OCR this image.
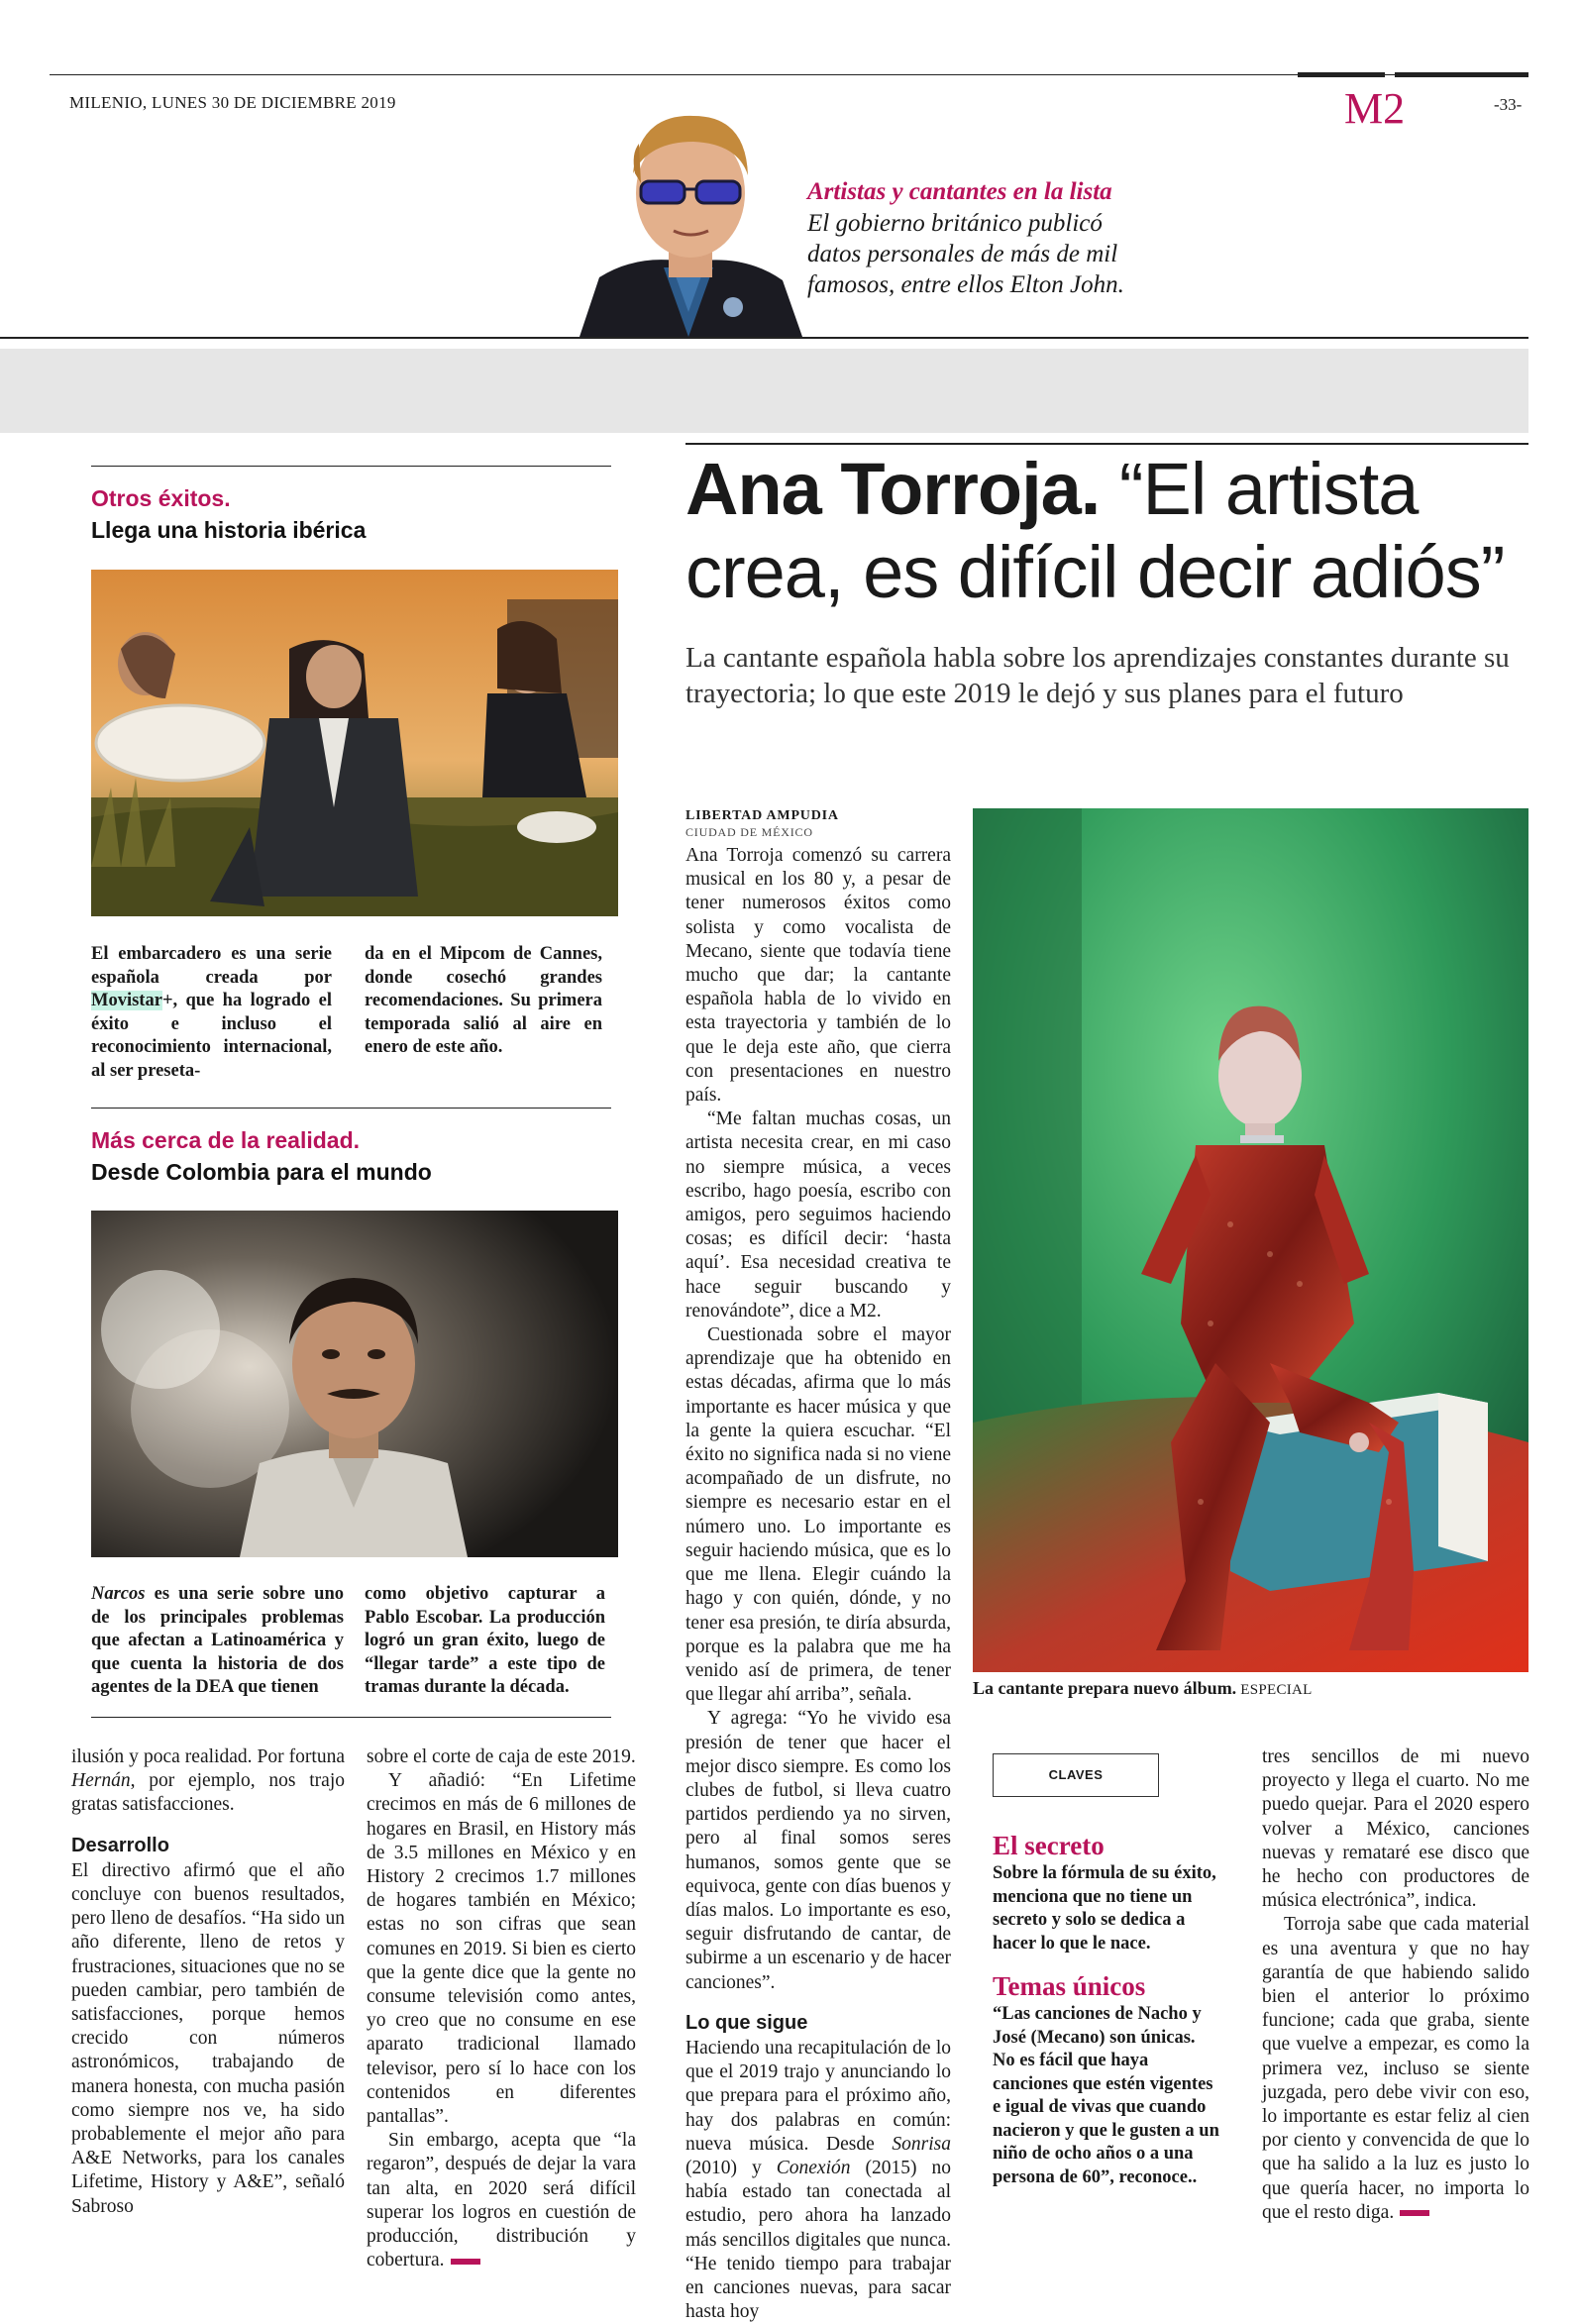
MILENIO, LUNES 30 DE DICIEMBRE 2019	M2	-33-
Artistas y cantantes en la lista
El gobierno británico publicó
datos personales de más de mil
famosos, entre ellos Elton John.
Otros éxitos.
Llega una historia ibérica
El embarcadero es una serie española creada por Movistar+, que ha logrado el éxito e incluso el reconocimiento internacional, al ser preseta-
da en el Mipcom de Cannes, donde cosechó grandes recomendaciones. Su primera temporada salió al aire en enero de este año.
Más cerca de la realidad.
Desde Colombia para el mundo
Narcos es una serie sobre uno de los principales problemas que afectan a Latinoamérica y que cuenta la historia de dos agentes de la DEA que tienen
como objetivo capturar a Pablo Escobar. La producción logró un gran éxito, luego de “llegar tarde” a este tipo de tramas durante la década.

ilusión y poca realidad. Por fortuna Hernán, por ejemplo, nos trajo gratas satisfacciones.

Desarrollo

El directivo afirmó que el año concluye con buenos resultados, pero lleno de desafíos. “Ha sido un año diferente, lleno de retos y frustraciones, situaciones que no se pueden cambiar, pero también de satisfacciones, porque hemos crecido con números astronómicos, trabajando de manera honesta, con mucha pasión como siempre nos ve, ha sido probablemente el mejor año para A&E Networks, para los canales Lifetime, History y A&E”, señaló Sabroso

sobre el corte de caja de este 2019.

Y añadió: “En Lifetime crecimos en más de 6 millones de hogares en Brasil, en History más de 3.5 millones en México y en History 2 crecimos 1.7 millones de hogares también en México; estas no son cifras que sean comunes en 2019. Si bien es cierto que la gente dice que la gente no consume televisión como antes, yo creo que no consume en ese aparato tradicional llamado televisor, pero sí lo hace con los contenidos en diferentes pantallas”.

Sin embargo, acepta que “la regaron”, después de dejar la vara tan alta, en 2020 será difícil superar los logros en cuestión de producción, distribución y cobertura.

Ana Torroja. “El artista
crea, es difícil decir adiós”
La cantante española habla sobre los aprendizajes constantes durante su trayectoria; lo que este 2019 le dejó y sus planes para el futuro
LIBERTAD AMPUDIA
CIUDAD DE MÉXICO

Ana Torroja comenzó su carrera musical en los 80 y, a pesar de tener numerosos éxitos como solista y como vocalista de Mecano, siente que todavía tiene mucho que dar; la cantante española habla de lo vivido en esta trayectoria y también de lo que le deja este año, que cierra con presentaciones en nuestro país.

“Me faltan muchas cosas, un artista necesita crear, en mi caso no siempre música, a veces escribo, hago poesía, escribo con amigos, pero seguimos haciendo cosas; es difícil decir: ‘hasta aquí’. Esa necesidad creativa te hace seguir buscando y renovándote”, dice a M2.

Cuestionada sobre el mayor aprendizaje que ha obtenido en estas décadas, afirma que lo más importante es hacer música y que la gente la quiera escuchar. “El éxito no significa nada si no viene acompañado de un disfrute, no siempre es necesario estar en el número uno. Lo importante es seguir haciendo música, que es lo que me llena. Elegir cuándo la hago y con quién, dónde, y no tener esa presión, te diría absurda, porque es la palabra que me ha venido así de primera, de tener que llegar ahí arriba”, señala.

Y agrega: “Yo he vivido esa presión de tener que hacer el mejor disco siempre. Es como los clubes de futbol, si lleva cuatro partidos perdiendo ya no sirven, pero al final somos seres humanos, somos gente que se equivoca, gente con días buenos y días malos. Lo importante es eso, seguir disfrutando de cantar, de subirme a un escenario y de hacer canciones”.

Lo que sigue

Haciendo una recapitulación de lo que el 2019 trajo y anunciando lo que prepara para el próximo año, hay dos palabras en común: nueva música. Desde Sonrisa (2010) y Conexión (2015) no había estado tan conectada al estudio, pero ahora ha lanzado más sencillos digitales que nunca. “He tenido tiempo para trabajar en canciones nuevas, para sacar hasta hoy

La cantante prepara nuevo álbum. ESPECIAL
CLAVES
El secreto
Sobre la fórmula de su éxito, menciona que no tiene un secreto y solo se dedica a hacer lo que le nace.
Temas únicos
“Las canciones de Nacho y José (Mecano) son únicas. No es fácil que haya canciones que estén vigentes e igual de vivas que cuando nacieron y que le gusten a un niño de ocho años o a una persona de 60”, reconoce..

tres sencillos de mi nuevo proyecto y llega el cuarto. No me puedo quejar. Para el 2020 espero volver a México, canciones nuevas y remataré ese disco que he hecho con productores de música electrónica”, indica.

Torroja sabe que cada material es una aventura y que no hay garantía de que habiendo salido bien el anterior lo próximo funcione; cada que graba, siente que vuelve a empezar, es como la primera vez, incluso se siente juzgada, pero debe vivir con eso, lo importante es estar feliz al cien por ciento y convencida de que lo que ha salido a la luz es justo lo que quería hacer, no importa lo que el resto diga.
